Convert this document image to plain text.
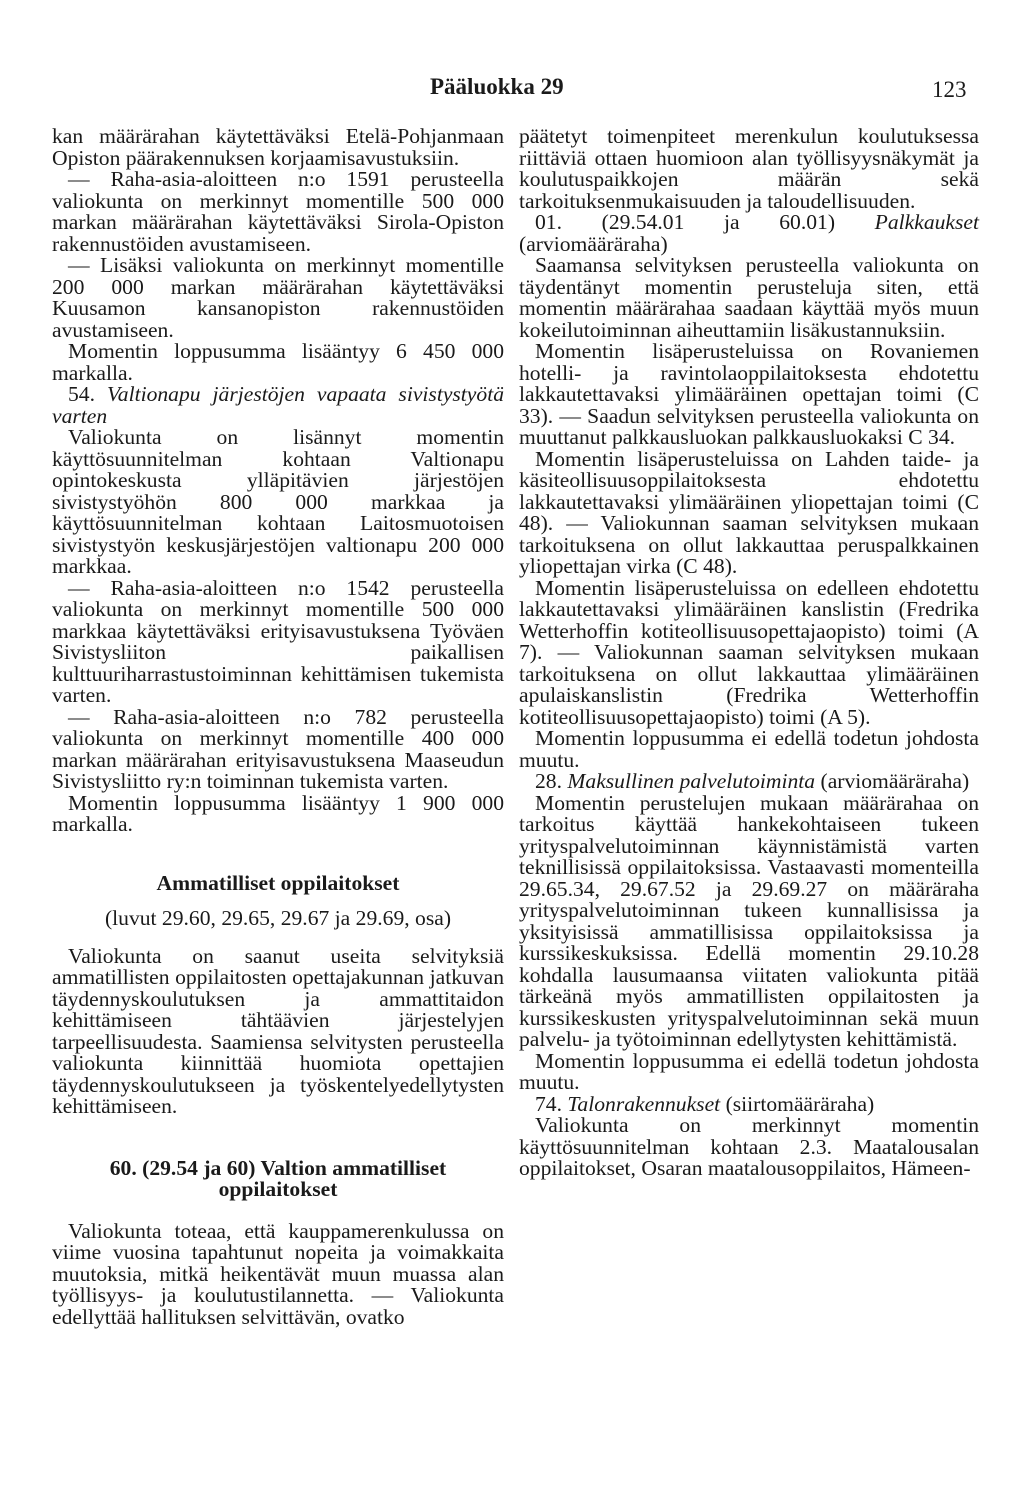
Pääluokka 29	123

kan määrärahan käytettäväksi Etelä-Pohjanmaan Opiston päärakennuksen korjaamisavustuksiin.

— Raha-asia-aloitteen n:o 1591 perusteella valiokunta on merkinnyt momentille 500 000 markan määrärahan käytettäväksi Sirola-Opiston rakennustöiden avustamiseen.

— Lisäksi valiokunta on merkinnyt momentille 200 000 markan määrärahan käytettäväksi Kuusamon kansanopiston rakennustöiden avustamiseen.

Momentin loppusumma lisääntyy 6 450 000 markalla.

54. Valtionapu järjestöjen vapaata sivistystyötä varten

Valiokunta on lisännyt momentin käyttösuunnitelman kohtaan Valtionapu opintokeskusta ylläpitävien järjestöjen sivistystyöhön 800 000 markkaa ja käyttösuunnitelman kohtaan Laitosmuotoisen sivistystyön keskusjärjestöjen valtionapu 200 000 markkaa.

— Raha-asia-aloitteen n:o 1542 perusteella valiokunta on merkinnyt momentille 500 000 markkaa käytettäväksi erityisavustuksena Työväen Sivistysliiton paikallisen kulttuuriharrastustoiminnan kehittämisen tukemista varten.

— Raha-asia-aloitteen n:o 782 perusteella valiokunta on merkinnyt momentille 400 000 markan määrärahan erityisavustuksena Maaseudun Sivistysliitto ry:n toiminnan tukemista varten.

Momentin loppusumma lisääntyy 1 900 000 markalla.

Ammatilliset oppilaitokset

(luvut 29.60, 29.65, 29.67 ja 29.69, osa)

Valiokunta on saanut useita selvityksiä ammatillisten oppilaitosten opettajakunnan jatkuvan täydennyskoulutuksen ja ammattitaidon kehittämiseen tähtäävien järjestelyjen tarpeellisuudesta. Saamiensa selvitysten perusteella valiokunta kiinnittää huomiota opettajien täydennyskoulutukseen ja työskentelyedellytysten kehittämiseen.

60. (29.54 ja 60) Valtion ammatilliset oppilaitokset

Valiokunta toteaa, että kauppamerenkulussa on viime vuosina tapahtunut nopeita ja voimakkaita muutoksia, mitkä heikentävät muun muassa alan työllisyys- ja koulutustilannetta. — Valiokunta edellyttää hallituksen selvittävän, ovatko

päätetyt toimenpiteet merenkulun koulutuksessa riittäviä ottaen huomioon alan työllisyysnäkymät ja koulutuspaikkojen määrän sekä tarkoituksenmukaisuuden ja taloudellisuuden.

01. (29.54.01 ja 60.01) Palkkaukset (arviomääräraha)

Saamansa selvityksen perusteella valiokunta on täydentänyt momentin perusteluja siten, että momentin määrärahaa saadaan käyttää myös muun kokeilutoiminnan aiheuttamiin lisäkustannuksiin.

Momentin lisäperusteluissa on Rovaniemen hotelli- ja ravintolaoppilaitoksesta ehdotettu lakkautettavaksi ylimääräinen opettajan toimi (C 33). — Saadun selvityksen perusteella valiokunta on muuttanut palkkausluokan palkkausluokaksi C 34.

Momentin lisäperusteluissa on Lahden taide- ja käsiteollisuusoppilaitoksesta ehdotettu lakkautettavaksi ylimääräinen yliopettajan toimi (C 48). — Valiokunnan saaman selvityksen mukaan tarkoituksena on ollut lakkauttaa peruspalkkainen yliopettajan virka (C 48).

Momentin lisäperusteluissa on edelleen ehdotettu lakkautettavaksi ylimääräinen kanslistin (Fredrika Wetterhoffin kotiteollisuusopettajaopisto) toimi (A 7). — Valiokunnan saaman selvityksen mukaan tarkoituksena on ollut lakkauttaa ylimääräinen apulaiskanslistin (Fredrika Wetterhoffin kotiteollisuusopettajaopisto) toimi (A 5).

Momentin loppusumma ei edellä todetun johdosta muutu.

28. Maksullinen palvelutoiminta (arviomääräraha)

Momentin perustelujen mukaan määrärahaa on tarkoitus käyttää hankekohtaiseen tukeen yrityspalvelutoiminnan käynnistämistä varten teknillisissä oppilaitoksissa. Vastaavasti momenteilla 29.65.34, 29.67.52 ja 29.69.27 on määräraha yrityspalvelutoiminnan tukeen kunnallisissa ja yksityisissä ammatillisissa oppilaitoksissa ja kurssikeskuksissa. Edellä momentin 29.10.28 kohdalla lausumaansa viitaten valiokunta pitää tärkeänä myös ammatillisten oppilaitosten ja kurssikeskusten yrityspalvelutoiminnan sekä muun palvelu- ja työtoiminnan edellytysten kehittämistä.

Momentin loppusumma ei edellä todetun johdosta muutu.

74. Talonrakennukset (siirtomääräraha)

Valiokunta on merkinnyt momentin käyttösuunnitelman kohtaan 2.3. Maatalousalan oppilaitokset, Osaran maatalousoppilaitos, Hämeen-
